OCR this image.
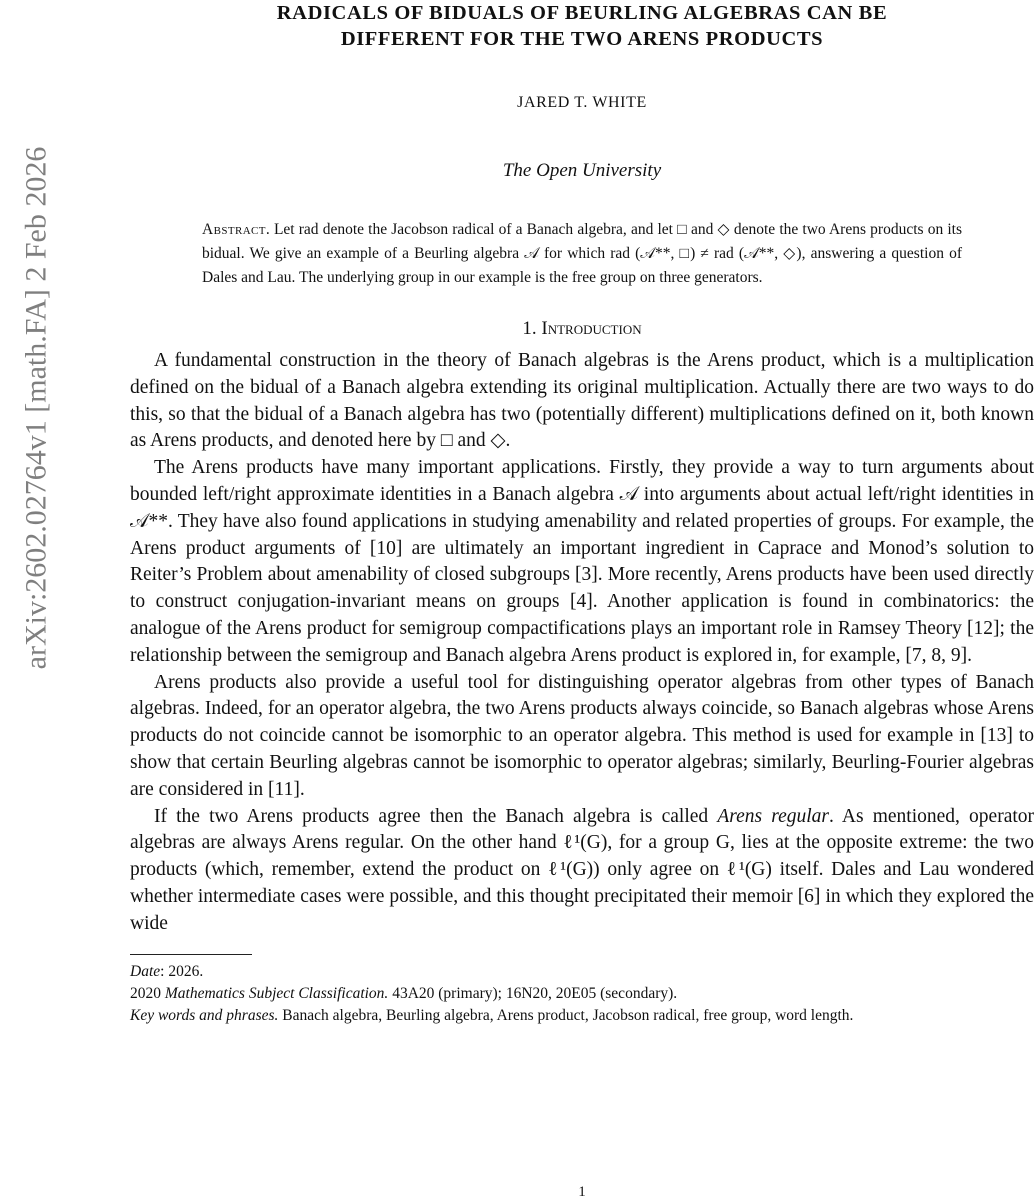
arXiv:2602.02764v1 [math.FA] 2 Feb 2026
RADICALS OF BIDUALS OF BEURLING ALGEBRAS CAN BE
DIFFERENT FOR THE TWO ARENS PRODUCTS
JARED T. WHITE
The Open University
Abstract. Let rad denote the Jacobson radical of a Banach algebra, and let □ and ◇ denote the two Arens products on its bidual. We give an example of a Beurling algebra 𝒜 for which rad (𝒜**, □) ≠ rad (𝒜**, ◇), answering a question of Dales and Lau. The underlying group in our example is the free group on three generators.
1. Introduction

A fundamental construction in the theory of Banach algebras is the Arens product, which is a multiplication defined on the bidual of a Banach algebra extending its original multiplication. Actually there are two ways to do this, so that the bidual of a Banach algebra has two (potentially different) multiplications defined on it, both known as Arens products, and denoted here by □ and ◇.

The Arens products have many important applications. Firstly, they provide a way to turn arguments about bounded left/right approximate identities in a Banach algebra 𝒜 into arguments about actual left/right identities in 𝒜**. They have also found applications in studying amenability and related properties of groups. For example, the Arens product arguments of [10] are ultimately an important ingredient in Caprace and Monod’s solution to Reiter’s Problem about amenability of closed subgroups [3]. More recently, Arens products have been used directly to construct conjugation-invariant means on groups [4]. Another application is found in combinatorics: the analogue of the Arens product for semigroup compactifications plays an important role in Ramsey Theory [12]; the relationship between the semigroup and Banach algebra Arens product is explored in, for example, [7, 8, 9].

Arens products also provide a useful tool for distinguishing operator algebras from other types of Banach algebras. Indeed, for an operator algebra, the two Arens products always coincide, so Banach algebras whose Arens products do not coincide cannot be isomorphic to an operator algebra. This method is used for example in [13] to show that certain Beurling algebras cannot be isomorphic to operator algebras; similarly, Beurling-Fourier algebras are considered in [11].

If the two Arens products agree then the Banach algebra is called Arens regular. As mentioned, operator algebras are always Arens regular. On the other hand ℓ¹(G), for a group G, lies at the opposite extreme: the two products (which, remember, extend the product on ℓ¹(G)) only agree on ℓ¹(G) itself. Dales and Lau wondered whether intermediate cases were possible, and this thought precipitated their memoir [6] in which they explored the wide

Date: 2026.
2020 Mathematics Subject Classification. 43A20 (primary); 16N20, 20E05 (secondary).
Key words and phrases. Banach algebra, Beurling algebra, Arens product, Jacobson radical, free group, word length.
1
